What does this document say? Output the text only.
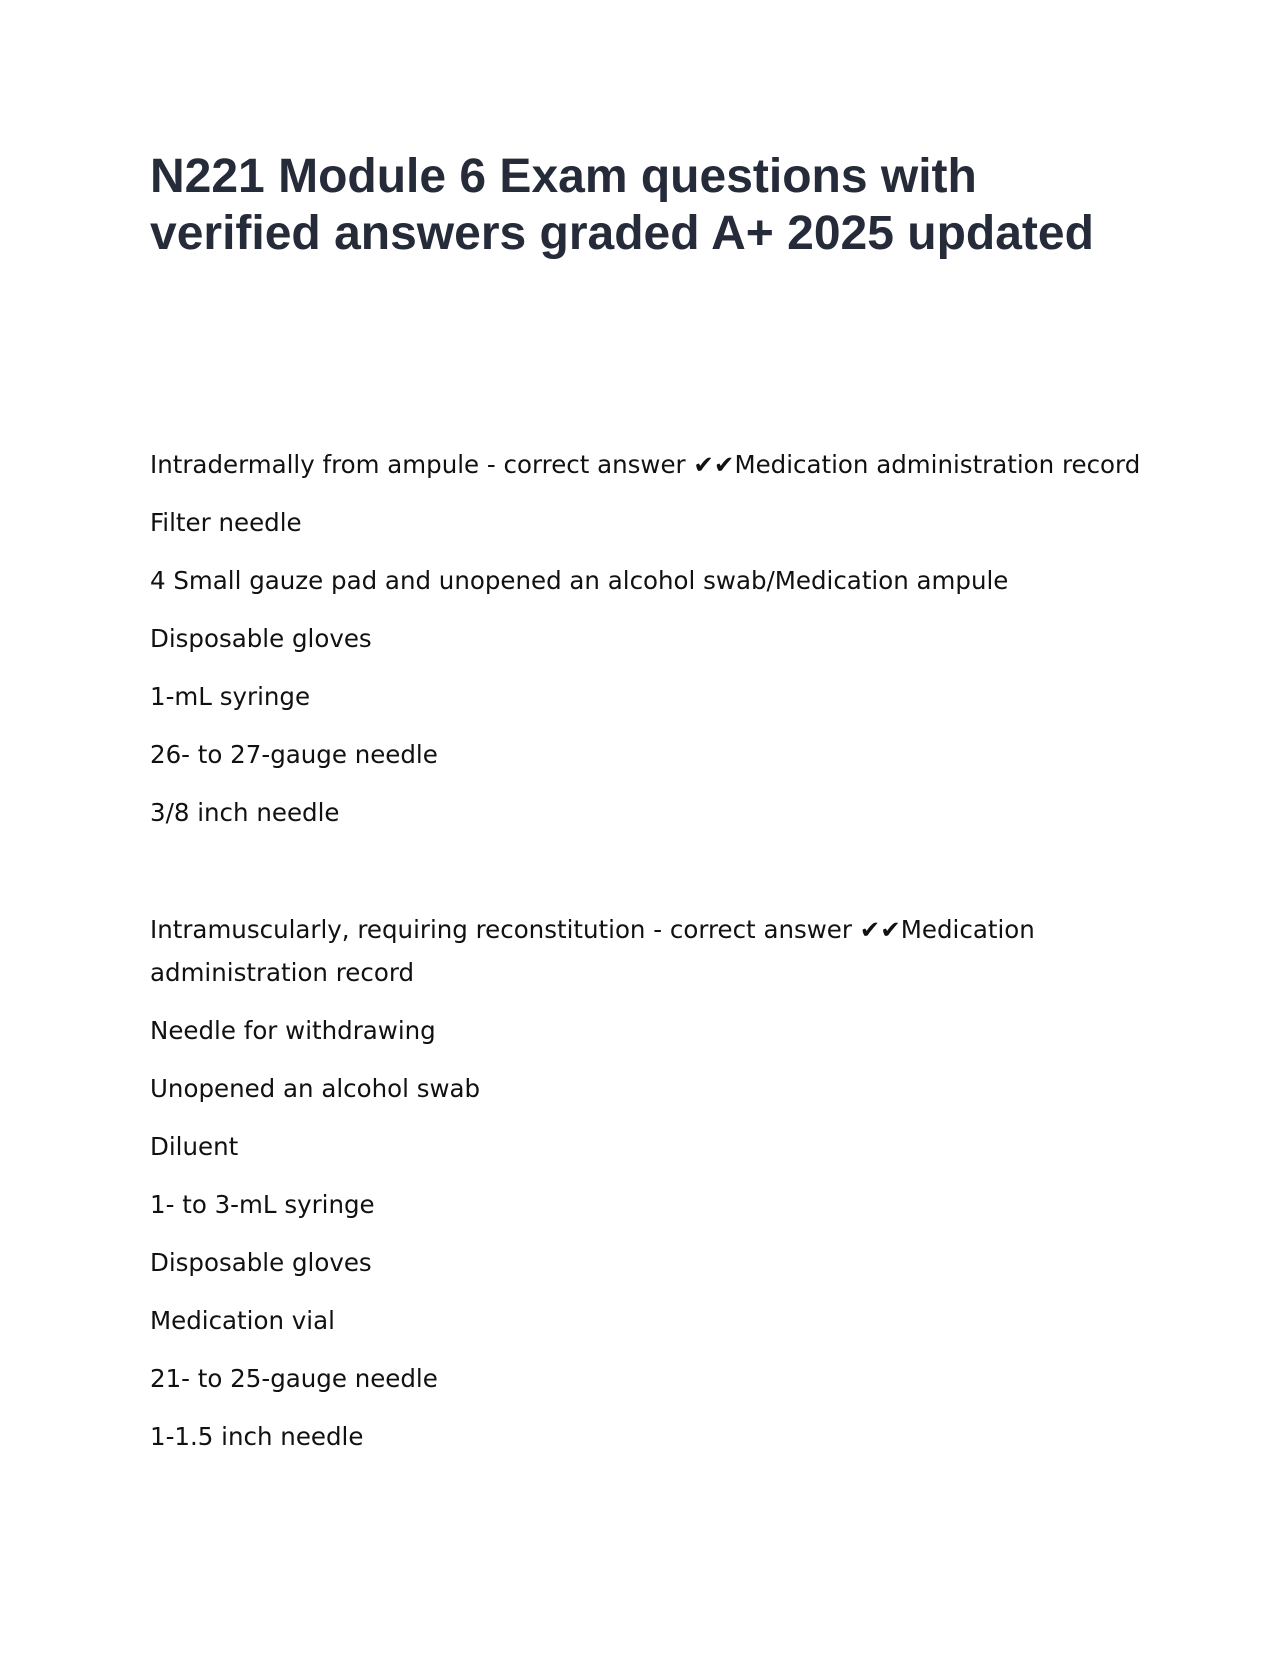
N221 Module 6 Exam questions with verified answers graded A+ 2025 updated

Intradermally from ampule - correct answer ✔✔Medication administration record

Filter needle

4 Small gauze pad and unopened an alcohol swab/Medication ampule

Disposable gloves

1-mL syringe

26- to 27-gauge needle

3/8 inch needle

Intramuscularly, requiring reconstitution - correct answer ✔✔Medication administration record

Needle for withdrawing

Unopened an alcohol swab

Diluent

1- to 3-mL syringe

Disposable gloves

Medication vial

21- to 25-gauge needle

1-1.5 inch needle
